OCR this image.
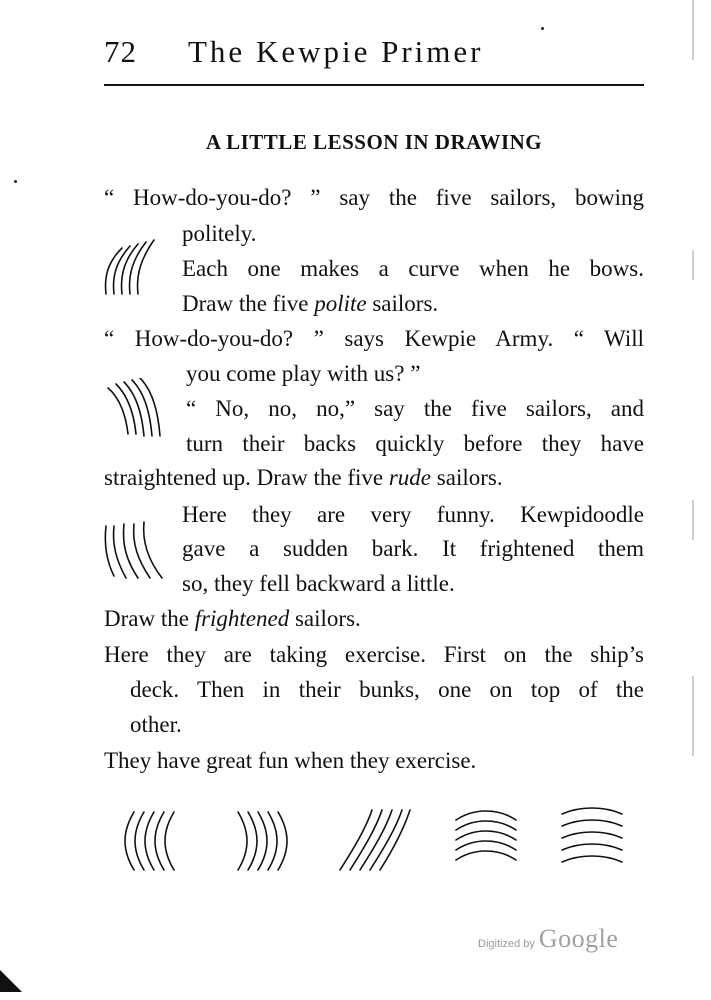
72 The Kewpie Primer
A LITTLE LESSON IN DRAWING
“ How-do-you-do? ” say the five sailors, bowing
politely.
Each one makes a curve when he bows.
Draw the five polite sailors.
“ How-do-you-do? ” says Kewpie Army. “ Will
you come play with us? ”
“ No, no, no,” say the five sailors, and
turn their backs quickly before they have
straightened up. Draw the five rude sailors.
Here they are very funny. Kewpidoodle
gave a sudden bark. It frightened them
so, they fell backward a little.
Draw the frightened sailors.
Here they are taking exercise. First on the ship’s
deck. Then in their bunks, one on top of the
other.
They have great fun when they exercise.
Digitized by Google
